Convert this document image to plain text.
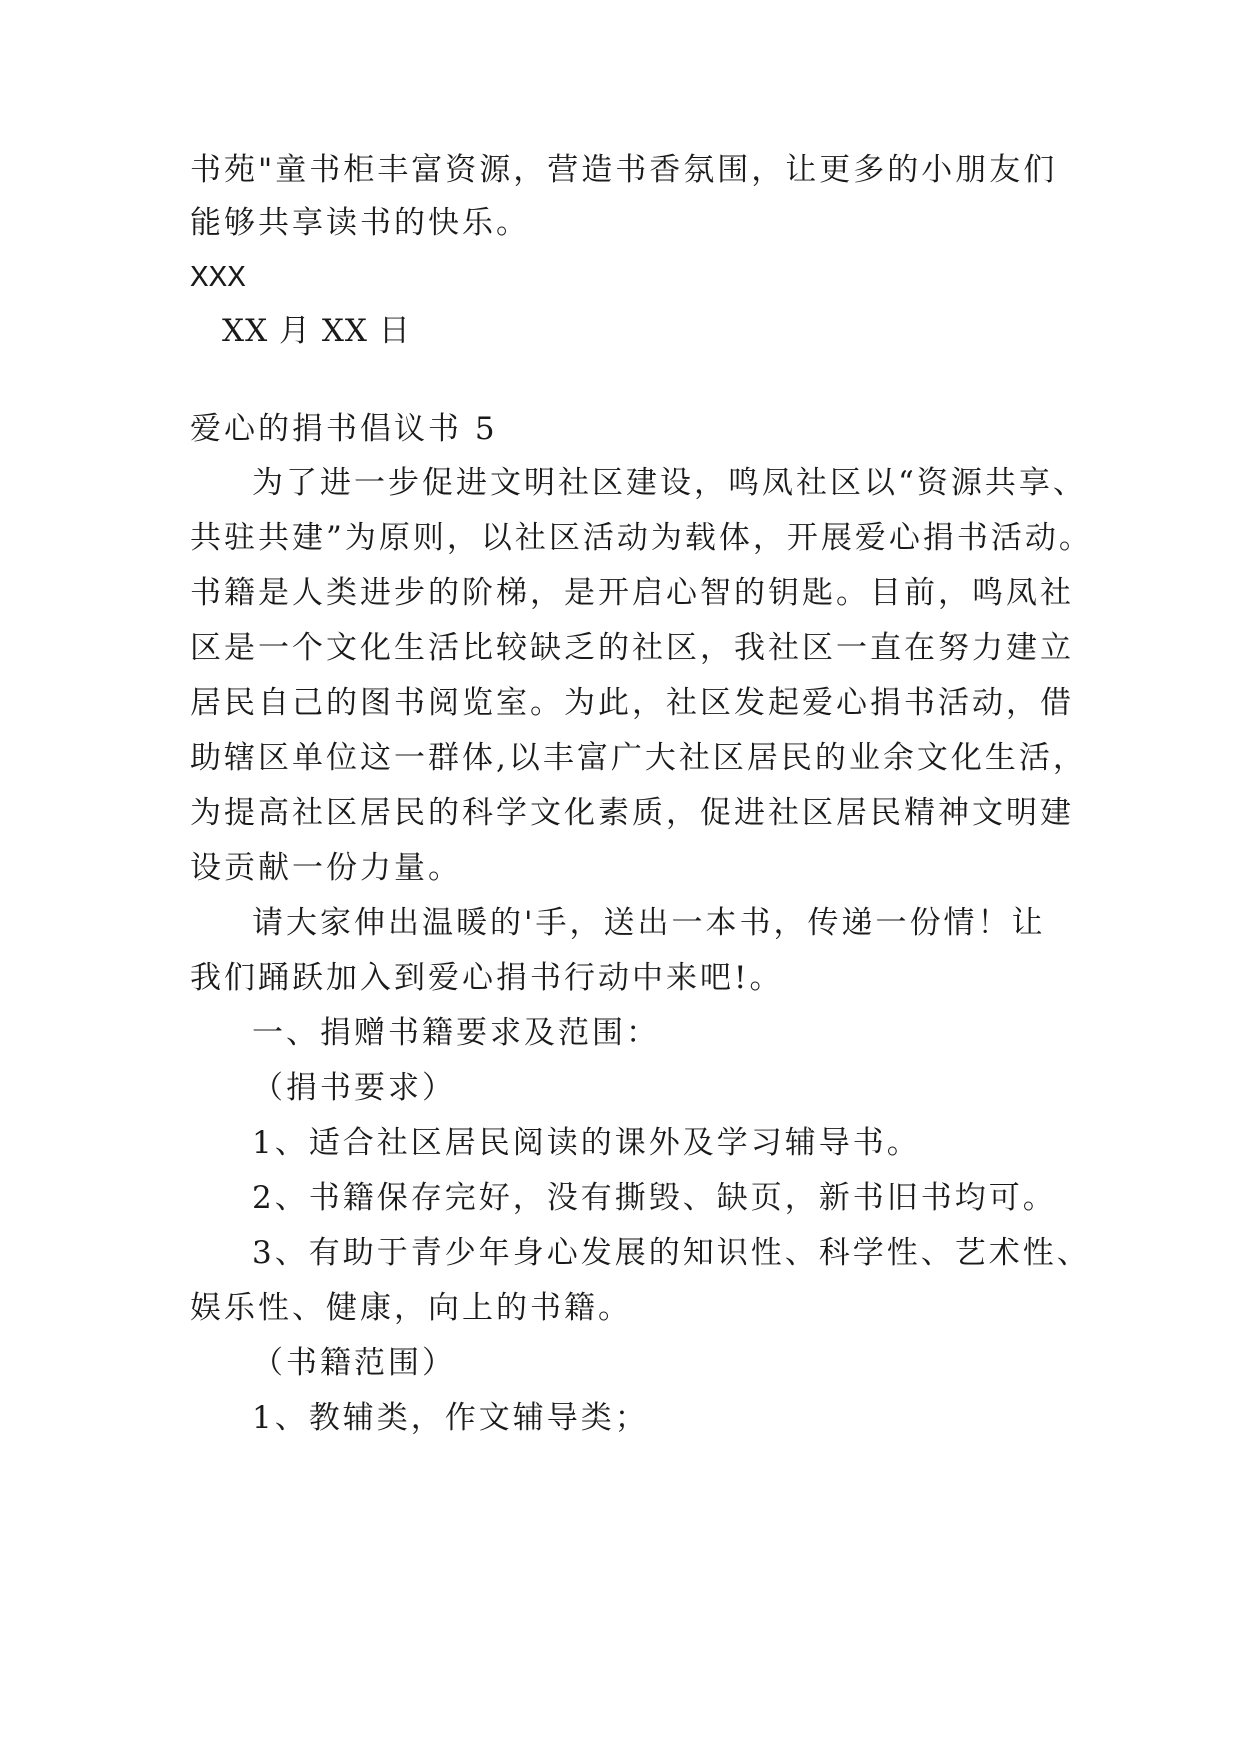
书苑"童书柜丰富资源，营造书香氛围，让更多的小朋友们
能够共享读书的快乐。
XXX
XX 月 XX 日
爱心的捐书倡议书 5
为了进一步促进文明社区建设，鸣凤社区以“资源共享、
共驻共建”为原则，以社区活动为载体，开展爱心捐书活动。
书籍是人类进步的阶梯，是开启心智的钥匙。目前，鸣凤社
区是一个文化生活比较缺乏的社区，我社区一直在努力建立
居民自己的图书阅览室。为此，社区发起爱心捐书活动，借
助辖区单位这一群体,以丰富广大社区居民的业余文化生活，
为提高社区居民的科学文化素质，促进社区居民精神文明建
设贡献一份力量。
请大家伸出温暖的'手，送出一本书，传递一份情！让
我们踊跃加入到爱心捐书行动中来吧!。
一、捐赠书籍要求及范围：
（捐书要求）
1、适合社区居民阅读的课外及学习辅导书。
2、书籍保存完好，没有撕毁、缺页，新书旧书均可。
3、有助于青少年身心发展的知识性、科学性、艺术性、
娱乐性、健康，向上的书籍。
（书籍范围）
1、教辅类，作文辅导类；
